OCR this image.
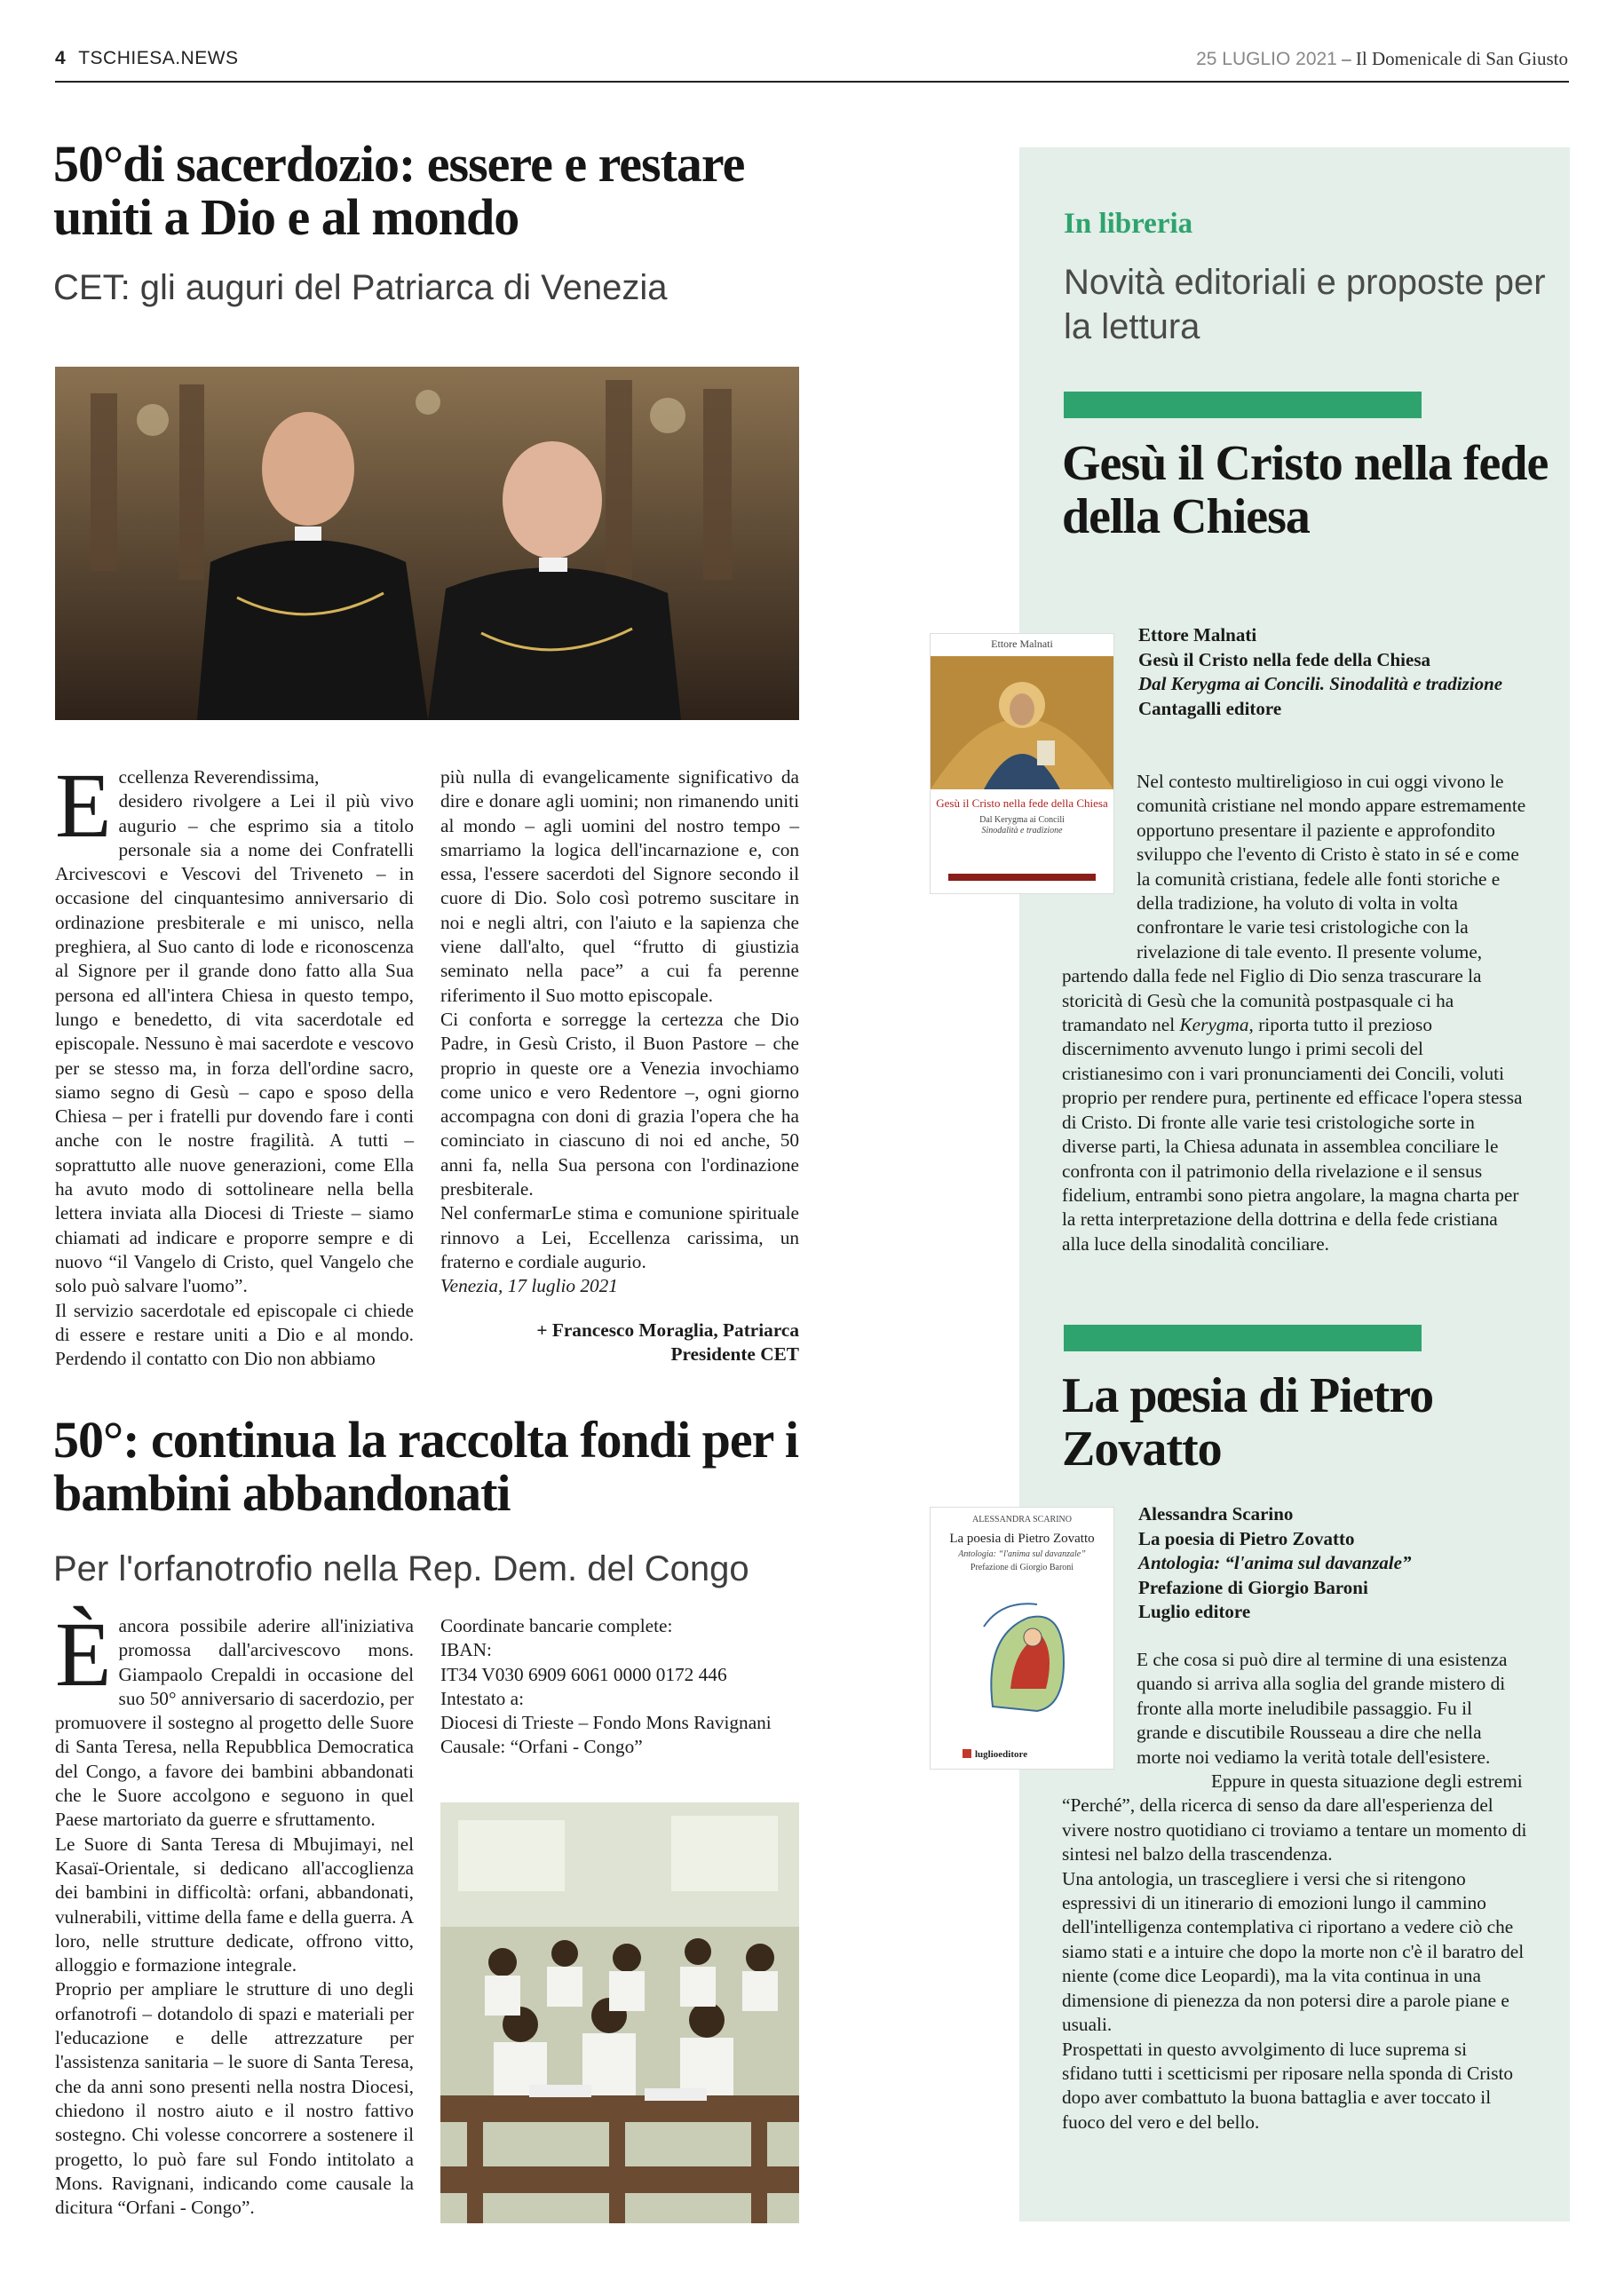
4 TSCHIESA.NEWS	25 LUGLIO 2021 – Il Domenicale di San Giusto
50°di sacerdozio: essere e restare uniti a Dio e al mondo
CET: gli auguri del Patriarca di Venezia
E ccellenza Reverendissima,

desidero rivolgere a Lei il più vivo augurio – che esprimo sia a titolo personale sia a nome dei Confratelli Arcivescovi e Vescovi del Triveneto – in occasione del cinquantesimo anniversario di ordinazione presbiterale e mi unisco, nella preghiera, al Suo canto di lode e riconoscenza al Signore per il grande dono fatto alla Sua persona ed all'intera Chiesa in questo tempo, lungo e benedetto, di vita sacerdotale ed episcopale. Nessuno è mai sacerdote e vescovo per se stesso ma, in forza dell'ordine sacro, siamo segno di Gesù – capo e sposo della Chiesa – per i fratelli pur dovendo fare i conti anche con le nostre fragilità. A tutti – soprattutto alle nuove generazioni, come Ella ha avuto modo di sottolineare nella bella lettera inviata alla Diocesi di Trieste – siamo chiamati ad indicare e proporre sempre e di nuovo “il Vangelo di Cristo, quel Vangelo che solo può salvare l'uomo”.

Il servizio sacerdotale ed episcopale ci chiede di essere e restare uniti a Dio e al mondo. Perdendo il contatto con Dio non abbiamo

più nulla di evangelicamente significativo da dire e donare agli uomini; non rimanendo uniti al mondo – agli uomini del nostro tempo – smarriamo la logica dell'incarnazione e, con essa, l'essere sacerdoti del Signore secondo il cuore di Dio. Solo così potremo suscitare in noi e negli altri, con l'aiuto e la sapienza che viene dall'alto, quel “frutto di giustizia seminato nella pace” a cui fa perenne riferimento il Suo motto episcopale.

Ci conforta e sorregge la certezza che Dio Padre, in Gesù Cristo, il Buon Pastore – che proprio in queste ore a Venezia invochiamo come unico e vero Redentore –, ogni giorno accompagna con doni di grazia l'opera che ha cominciato in ciascuno di noi ed anche, 50 anni fa, nella Sua persona con l'ordinazione presbiterale.

Nel confermarLe stima e comunione spirituale rinnovo a Lei, Eccellenza carissima, un fraterno e cordiale augurio.

Venezia, 17 luglio 2021

+ Francesco Moraglia, Patriarca

Presidente CET

50°: continua la raccolta fondi per i bambini abbandonati
Per l'orfanotrofio nella Rep. Dem. del Congo
È ancora possibile aderire all'iniziativa promossa dall'arcivescovo mons. Giampaolo Crepaldi in occasione del suo 50° anniversario di sacerdozio, per promuovere il sostegno al progetto delle Suore di Santa Teresa, nella Repubblica Democratica del Congo, a favore dei bambini abbandonati che le Suore accolgono e seguono in quel Paese martoriato da guerre e sfruttamento.

Le Suore di Santa Teresa di Mbujimayi, nel Kasaï-Orientale, si dedicano all'accoglienza dei bambini in difficoltà: orfani, abbandonati, vulnerabili, vittime della fame e della guerra. A loro, nelle strutture dedicate, offrono vitto, alloggio e formazione integrale.

Proprio per ampliare le strutture di uno degli orfanotrofi – dotandolo di spazi e materiali per l'educazione e delle attrezzature per l'assistenza sanitaria – le suore di Santa Teresa, che da anni sono presenti nella nostra Diocesi, chiedono il nostro aiuto e il nostro fattivo sostegno. Chi volesse concorrere a sostenere il progetto, lo può fare sul Fondo intitolato a Mons. Ravignani, indicando come causale la dicitura “Orfani - Congo”.

Coordinate bancarie complete:

IBAN:

IT34 V030 6909 6061 0000 0172 446

Intestato a:

Diocesi di Trieste – Fondo Mons Ravignani

Causale: “Orfani - Congo”

In libreria
Novità editoriali e proposte per la lettura
Gesù il Cristo nella fede della Chiesa
Ettore Malnati
Gesù il Cristo nella fede della Chiesa
Dal Kerygma ai Concili
Sinodalità e tradizione
Ettore Malnati
Gesù il Cristo nella fede della Chiesa
Dal Kerygma ai Concili. Sinodalità e tradizione
Cantagalli editore
Nel contesto multireligioso in cui oggi vivono le comunità cristiane nel mondo appare estremamente opportuno presentare il paziente e approfondito sviluppo che l'evento di Cristo è stato in sé e come la comunità cristiana, fedele alle fonti storiche e della tradizione, ha voluto di volta in volta confrontare le varie tesi cristologiche con la rivelazione di tale evento. Il presente volume, partendo dalla fede nel Figlio di Dio senza trascurare la storicità di Gesù che la comunità postpasquale ci ha tramandato nel Kerygma, riporta tutto il prezioso discernimento avvenuto lungo i primi secoli del cristianesimo con i vari pronunciamenti dei Concili, voluti proprio per rendere pura, pertinente ed efficace l'opera stessa di Cristo. Di fronte alle varie tesi cristologiche sorte in diverse parti, la Chiesa adunata in assemblea conciliare le confronta con il patrimonio della rivelazione e il sensus fidelium, entrambi sono pietra angolare, la magna charta per la retta interpretazione della dottrina e della fede cristiana alla luce della sinodalità conciliare.
La pœsia di Pietro Zovatto
ALESSANDRA SCARINO
La poesia di Pietro Zovatto
Antologia: “l'anima sul davanzale”
Prefazione di Giorgio Baroni
luglioeditore
Alessandra Scarino
La poesia di Pietro Zovatto
Antologia: “l'anima sul davanzale”
Prefazione di Giorgio Baroni
Luglio editore

E che cosa si può dire al termine di una esistenza quando si arriva alla soglia del grande mistero di fronte alla morte ineludibile passaggio. Fu il grande e discutibile Rousseau a dire che nella morte noi vediamo la verità totale dell'esistere.

Eppure in questa situazione degli estremi “Perché”, della ricerca di senso da dare all'esperienza del vivere nostro quotidiano ci troviamo a tentare un momento di sintesi nel balzo della trascendenza.

Una antologia, un trascegliere i versi che si ritengono espressivi di un itinerario di emozioni lungo il cammino dell'intelligenza contemplativa ci riportano a vedere ciò che siamo stati e a intuire che dopo la morte non c'è il baratro del niente (come dice Leopardi), ma la vita continua in una dimensione di pienezza da non potersi dire a parole piane e usuali.

Prospettati in questo avvolgimento di luce suprema si sfidano tutti i scetticismi per riposare nella sponda di Cristo dopo aver combattuto la buona battaglia e aver toccato il fuoco del vero e del bello.
